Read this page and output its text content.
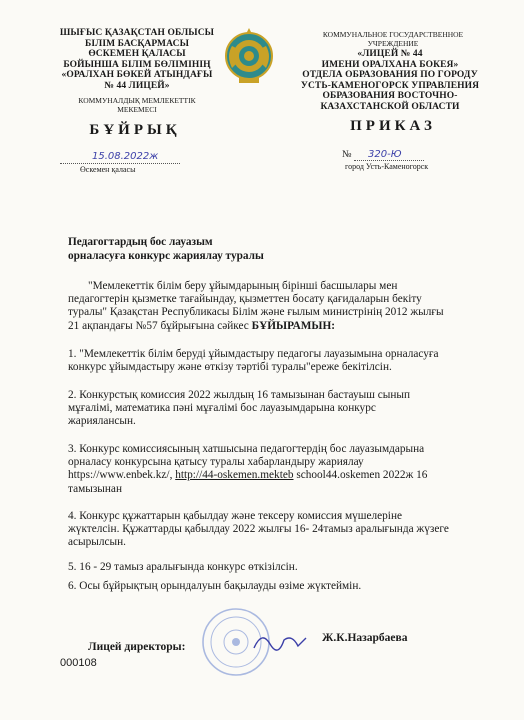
ШЫҒЫС ҚАЗАҚСТАН ОБЛЫСЫ
БІЛІМ БАСҚАРМАСЫ
ӨСКЕМЕН ҚАЛАСЫ
БОЙЫНША БІЛІМ БӨЛІМІНІҢ
«ОРАЛХАН БӨКЕЙ АТЫНДАҒЫ
№ 44 ЛИЦЕЙ»
КОММУНАЛДЫҚ МЕМЛЕКЕТТІК МЕКЕМЕСІ
БҰЙРЫҚ
15.08.2022ж
Өскемен қаласы
КОММУНАЛЬНОЕ ГОСУДАРСТВЕННОЕ
УЧРЕЖДЕНИЕ
«ЛИЦЕЙ № 44
ИМЕНИ ОРАЛХАНА БОКЕЯ»
ОТДЕЛА ОБРАЗОВАНИЯ ПО ГОРОДУ
УСТЬ-КАМЕНОГОРСК УПРАВЛЕНИЯ
ОБРАЗОВАНИЯ ВОСТОЧНО-
КАЗАХСТАНСКОЙ ОБЛАСТИ
ПРИКАЗ
№ 320-Ю
город Усть-Каменогорск
Педагогтардың бос лауазым
орналасуға конкурс жариялау туралы
"Мемлекеттік білім беру ұйымдарының бірінші басшылары мен
педагогтерін қызметке тағайындау, қызметтен босату қағидаларын бекіту
туралы" Қазақстан Республикасы Білім және ғылым министрінің 2012 жылғы
21 ақпандағы №57 бұйрығына сәйкес БҰЙЫРАМЫН:
1. "Мемлекеттік білім беруді ұйымдастыру педагогы лауазымына орналасуға
конкурс ұйымдастыру және өткізу тәртібі туралы"ереже бекітілсін.
2. Конкурстық комиссия 2022 жылдың 16 тамызынан бастауыш сынып
мұғалімі, математика пәні мұғалімі бос лауазымдарына конкурс
жариялансын.
3. Конкурс комиссиясының хатшысына педагогтердің бос лауазымдарына
орналасу конкурсына қатысу туралы хабарландыру жариялау
https://www.enbek.kz/, http://44-oskemen.mekteb school44.oskemen 2022ж 16
тамызынан
4. Конкурс құжаттарын қабылдау және тексеру комиссия мүшелеріне
жүктелсін. Құжаттарды қабылдау 2022 жылғы 16- 24тамыз аралығында жүзеге
асырылсын.
5. 16 - 29 тамыз аралығында конкурс өткізілсін.
6. Осы бұйрықтың орындалуын бақылауды өзіме жүктеймін.
Лицей директоры:
Ж.К.Назарбаева
000108
